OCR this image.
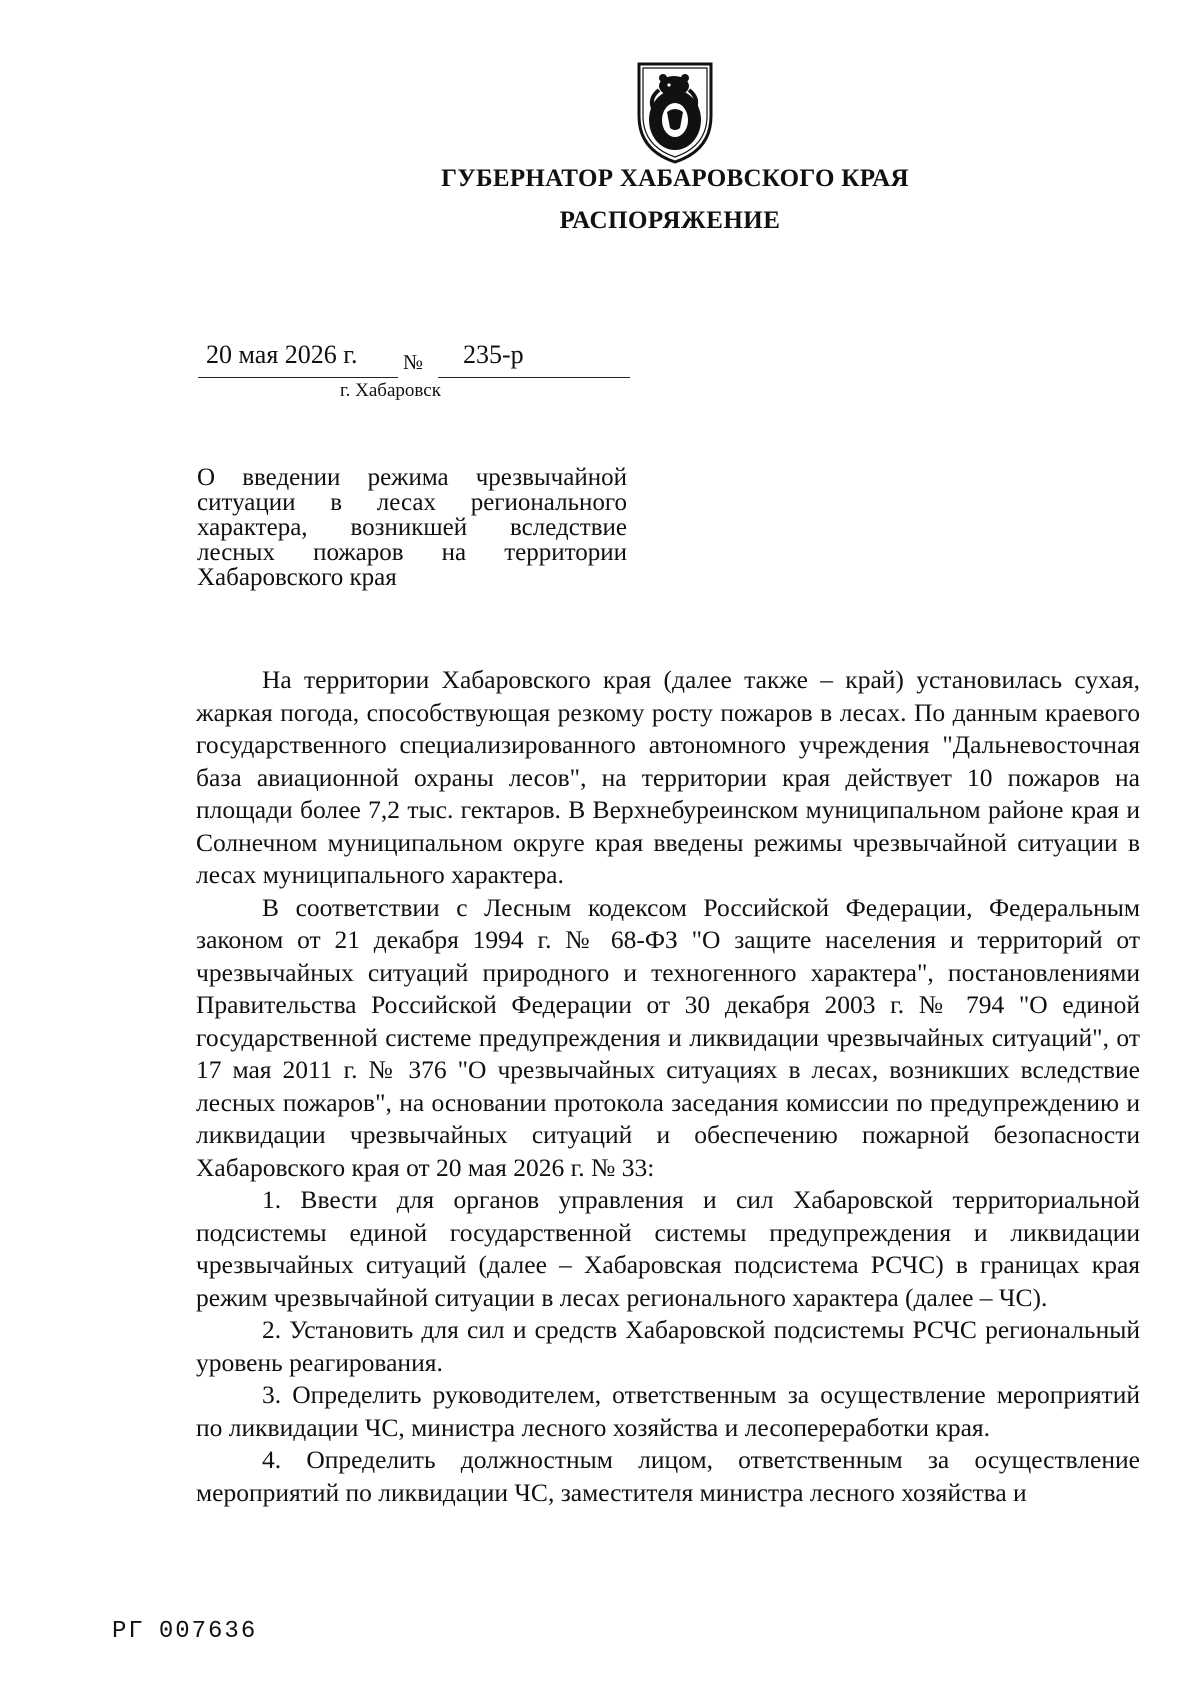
ГУБЕРНАТОР ХАБАРОВСКОГО КРАЯ
РАСПОРЯЖЕНИЕ
20 мая 2026 г. № 235-р
г. Хабаровск
О введении режима чрезвычайной ситуации в лесах регионального характера, возникшей вследствие лесных пожаров на территории Хабаровского края

На территории Хабаровского края (далее также – край) установилась сухая, жаркая погода, способствующая резкому росту пожаров в лесах. По данным краевого государственного специализированного автономного учреждения "Дальневосточная база авиационной охраны лесов", на территории края действует 10 пожаров на площади более 7,2 тыс. гектаров. В Верхнебуреинском муниципальном районе края и Солнечном муниципальном округе края введены режимы чрезвычайной ситуации в лесах муниципального характера.

В соответствии с Лесным кодексом Российской Федерации, Федеральным законом от 21 декабря 1994 г. № 68-ФЗ "О защите населения и территорий от чрезвычайных ситуаций природного и техногенного характера", постановлениями Правительства Российской Федерации от 30 декабря 2003 г. № 794 "О единой государственной системе предупреждения и ликвидации чрезвычайных ситуаций", от 17 мая 2011 г. № 376 "О чрезвычайных ситуациях в лесах, возникших вследствие лесных пожаров", на основании протокола заседания комиссии по предупреждению и ликвидации чрезвычайных ситуаций и обеспечению пожарной безопасности Хабаровского края от 20 мая 2026 г. № 33:

1. Ввести для органов управления и сил Хабаровской территориальной подсистемы единой государственной системы предупреждения и ликвидации чрезвычайных ситуаций (далее – Хабаровская подсистема РСЧС) в границах края режим чрезвычайной ситуации в лесах регионального характера (далее – ЧС).

2. Установить для сил и средств Хабаровской подсистемы РСЧС региональный уровень реагирования.

3. Определить руководителем, ответственным за осуществление мероприятий по ликвидации ЧС, министра лесного хозяйства и лесопереработки края.

4. Определить должностным лицом, ответственным за осуществление мероприятий по ликвидации ЧС, заместителя министра лесного хозяйства и

РГ 007636
